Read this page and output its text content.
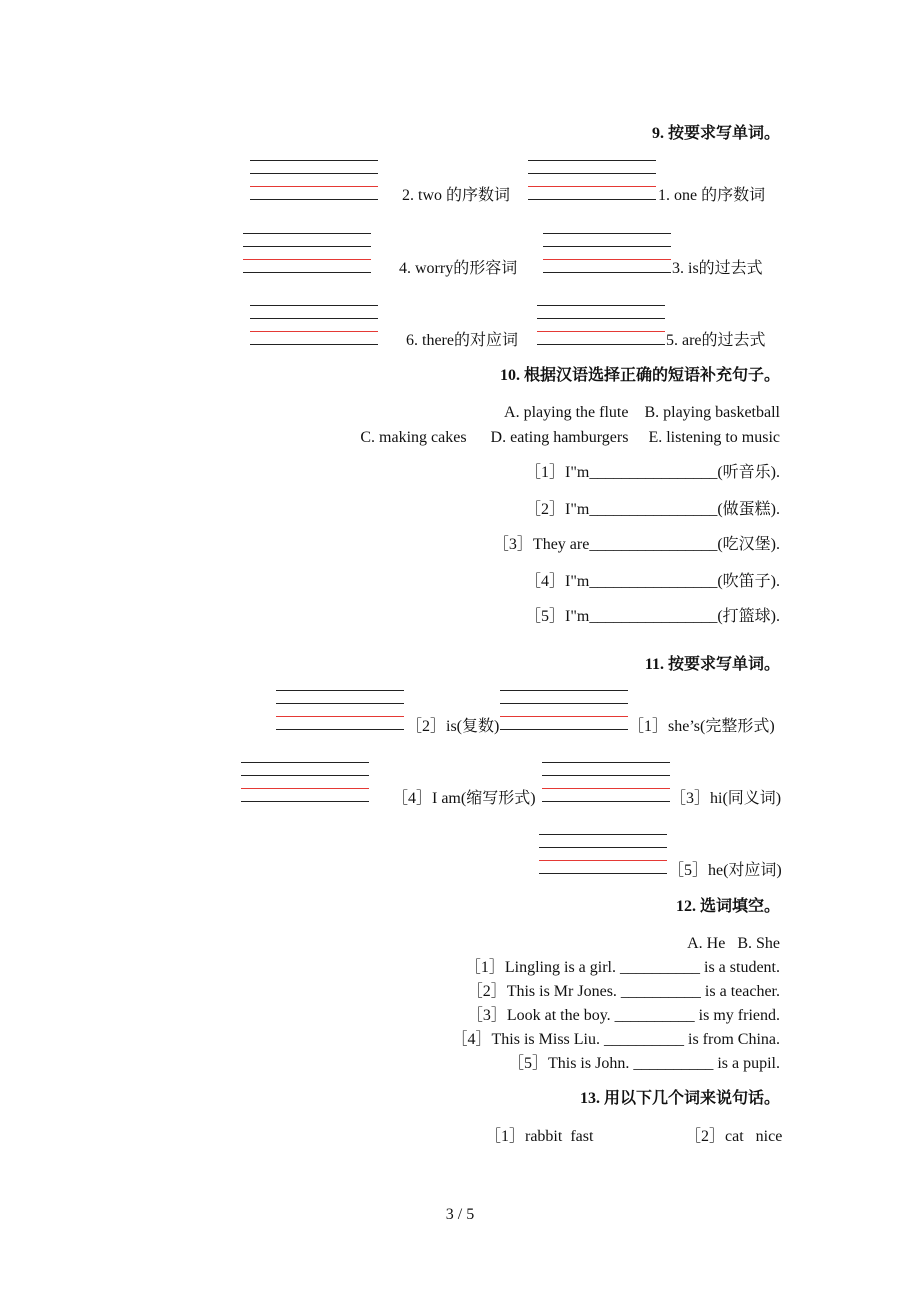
9. 按要求写单词。
2. two 的序数词	1. one 的序数词
4. worry的形容词	3. is的过去式
6. there的对应词	5. are的过去式
10. 根据汉语选择正确的短语补充句子。
A. playing the flute    B. playing basketball
C. making cakes      D. eating hamburgers     E. listening to music
［1］I"m________________(听音乐).
［2］I"m________________(做蛋糕).
［3］They are________________(吃汉堡).
［4］I"m________________(吹笛子).
［5］I"m________________(打篮球).
11. 按要求写单词。
［2］is(复数)	［1］she’s(完整形式)
［4］I am(缩写形式)	［3］hi(同义词)
［5］he(对应词)
12. 选词填空。
A. He   B. She
［1］Lingling is a girl. __________ is a student.
［2］This is Mr Jones. __________ is a teacher.
［3］Look at the boy. __________ is my friend.
［4］This is Miss Liu. __________ is from China.
［5］This is John. __________ is a pupil.
13. 用以下几个词来说句话。
［1］rabbit  fast	［2］cat   nice
3 / 5
